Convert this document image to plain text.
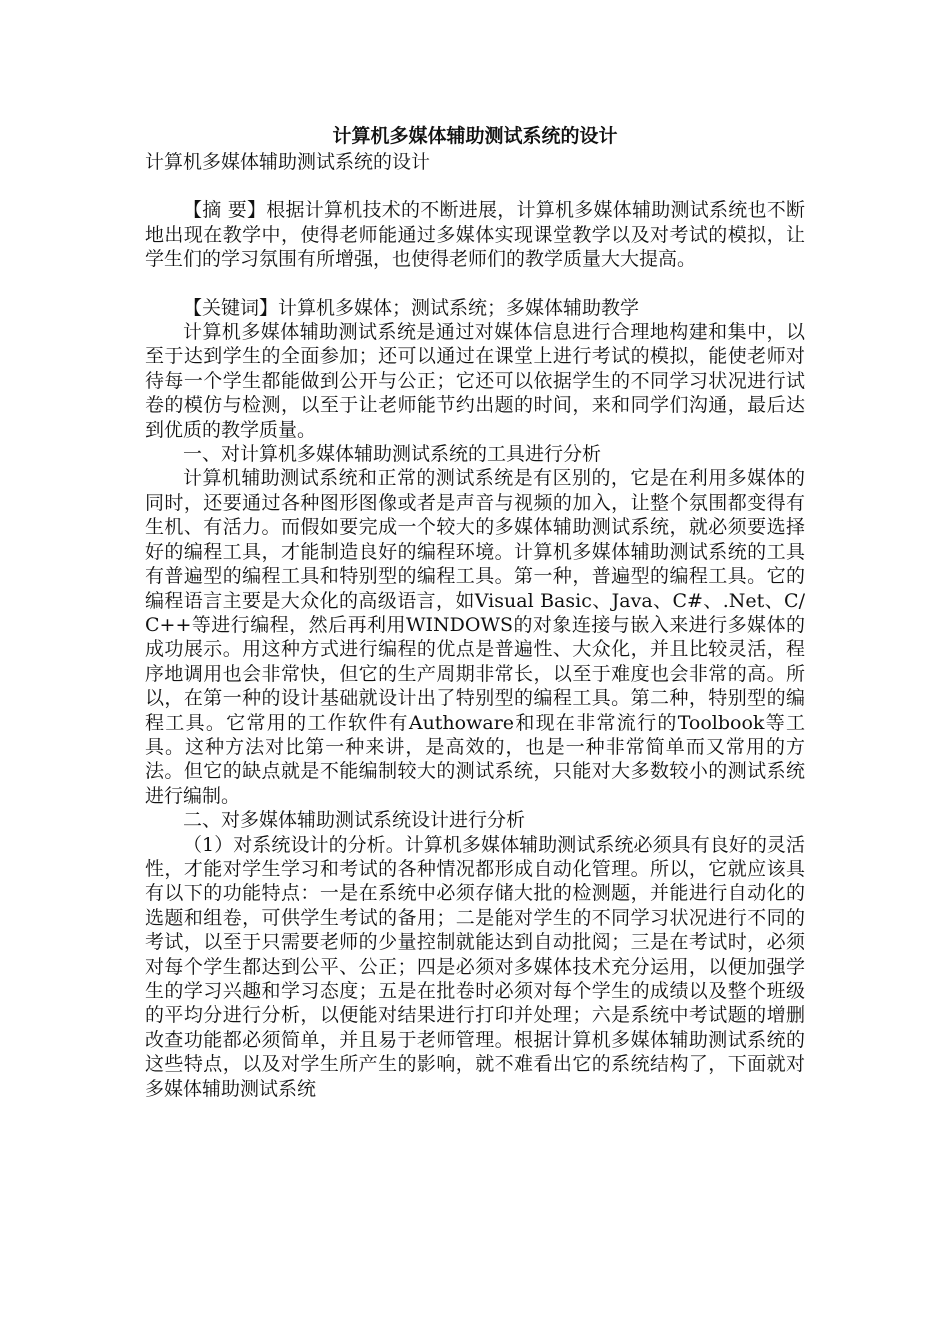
计算机多媒体辅助测试系统的设计

计算机多媒体辅助测试系统的设计

【摘 要】根据计算机技术的不断进展，计算机多媒体辅助测试系统也不断地出现在教学中，使得老师能通过多媒体实现课堂教学以及对考试的模拟，让学生们的学习氛围有所增强，也使得老师们的教学质量大大提高。

【关键词】计算机多媒体；测试系统；多媒体辅助教学

计算机多媒体辅助测试系统是通过对媒体信息进行合理地构建和集中，以至于达到学生的全面参加；还可以通过在课堂上进行考试的模拟，能使老师对待每一个学生都能做到公开与公正；它还可以依据学生的不同学习状况进行试卷的模仿与检测，以至于让老师能节约出题的时间，来和同学们沟通，最后达到优质的教学质量。

一、对计算机多媒体辅助测试系统的工具进行分析

计算机辅助测试系统和正常的测试系统是有区别的，它是在利用多媒体的同时，还要通过各种图形图像或者是声音与视频的加入，让整个氛围都变得有生机、有活力。而假如要完成一个较大的多媒体辅助测试系统，就必须要选择好的编程工具，才能制造良好的编程环境。计算机多媒体辅助测试系统的工具有普遍型的编程工具和特别型的编程工具。第一种，普遍型的编程工具。它的编程语言主要是大众化的高级语言，如Visual Basic、Java、C#、.Net、C/C++等进行编程，然后再利用WINDOWS的对象连接与嵌入来进行多媒体的成功展示。用这种方式进行编程的优点是普遍性、大众化，并且比较灵活，程序地调用也会非常快，但它的生产周期非常长，以至于难度也会非常的高。所以，在第一种的设计基础就设计出了特别型的编程工具。第二种，特别型的编程工具。它常用的工作软件有Authoware和现在非常流行的Toolbook等工具。这种方法对比第一种来讲，是高效的，也是一种非常简单而又常用的方法。但它的缺点就是不能编制较大的测试系统，只能对大多数较小的测试系统进行编制。

二、对多媒体辅助测试系统设计进行分析

（1）对系统设计的分析。计算机多媒体辅助测试系统必须具有良好的灵活性，才能对学生学习和考试的各种情况都形成自动化管理。所以，它就应该具有以下的功能特点：一是在系统中必须存储大批的检测题，并能进行自动化的选题和组卷，可供学生考试的备用；二是能对学生的不同学习状况进行不同的考试，以至于只需要老师的少量控制就能达到自动批阅；三是在考试时，必须对每个学生都达到公平、公正；四是必须对多媒体技术充分运用，以便加强学生的学习兴趣和学习态度；五是在批卷时必须对每个学生的成绩以及整个班级的平均分进行分析，以便能对结果进行打印并处理；六是系统中考试题的增删改查功能都必须简单，并且易于老师管理。根据计算机多媒体辅助测试系统的这些特点，以及对学生所产生的影响，就不难看出它的系统结构了，下面就对多媒体辅助测试系统
